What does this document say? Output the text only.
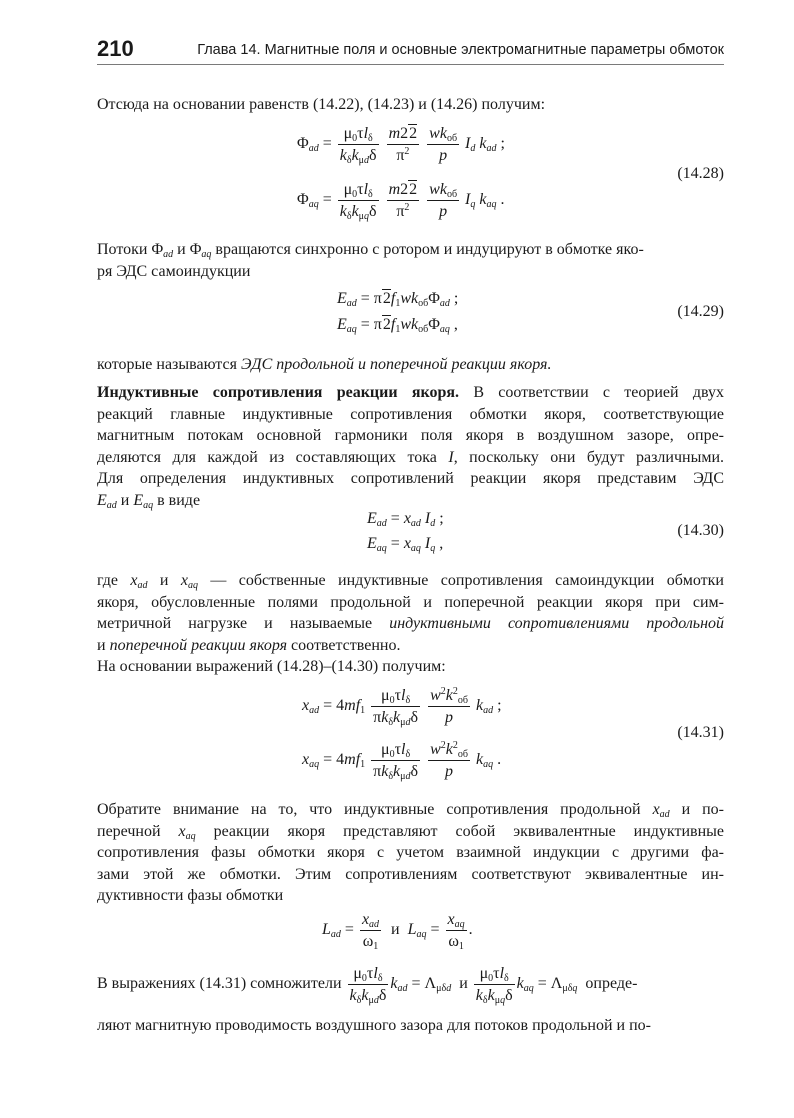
210	Глава 14. Магнитные поля и основные электромагнитные параметры обмоток
Отсюда на основании равенств (14.22), (14.23) и (14.26) получим:
$\Phi_{ad} = \frac{\mu_0\tau l_\delta}{k_\delta k_{\mu d}\delta}$
$\frac{m22}{\pi^2}$
$\frac{wk_{об}}{p} I_d$ $k_{ad}$ ;
$\Phi_{aq} = \frac{\mu_0\tau l_\delta}{k_\delta k_{\mu q}\delta}$
$\frac{m22}{\pi^2}$
$\frac{wk_{об}}{p} I_q$ $k_{aq}$ .
(14.28)
Потоки $\Phi_{ad}$ и $\Phi_{aq}$ вращаются синхронно с ротором и индуцируют в обмотке яко-
ря ЭДС самоиндукции
$E_{ad} = \pi 2f_1wk_{об}\Phi_{ad}$ ;
$E_{aq} = \pi 2f_1wk_{об}\Phi_{aq}$ ,
(14.29)
которые называются ЭДС продольной и поперечной реакции якоря.
Индуктивные сопротивления реакции якоря. В соответствии с теорией двух
реакций главные индуктивные сопротивления обмотки якоря, соответствующие
магнитным потокам основной гармоники поля якоря в воздушном зазоре, опре-
деляются для каждой из составляющих тока I, поскольку они будут различными.
Для определения индуктивных сопротивлений реакции якоря представим ЭДС
$E_{ad}$ и $E_{aq}$ в виде
$E_{ad} = x_{ad}$ $I_d$ ;
$E_{aq} = x_{aq}$ $I_q$ ,
(14.30)
где $x_{ad}$ и $x_{aq}$ — собственные индуктивные сопротивления самоиндукции обмотки
якоря, обусловленные полями продольной и поперечной реакции якоря при сим-
метричной нагрузке и называемые индуктивными сопротивлениями продольной
и поперечной реакции якоря соответственно.
На основании выражений (14.28)–(14.30) получим:
$x_{ad} = 4mf_1 \frac{\mu_0\tau l_\delta}{\pi k_\delta k_{\mu d}\delta}$
$\frac{w^2k^2_{об}}{p} k_{ad}$ ;
$x_{aq} = 4mf_1 \frac{\mu_0\tau l_\delta}{\pi k_\delta k_{\mu d}\delta}$
$\frac{w^2k^2_{об}}{p} k_{aq}$ .
(14.31)
Обратите внимание на то, что индуктивные сопротивления продольной $x_{ad}$ и по-
перечной $x_{aq}$ реакции якоря представляют собой эквивалентные индуктивные
сопротивления фазы обмотки якоря с учетом взаимной индукции с другими фа-
зами этой же обмотки. Этим сопротивлениям соответствуют эквивалентные ин-
дуктивности фазы обмотки
$L_{ad} = \frac{x_{ad}}{\omega_1}$ и $L_{aq} = \frac{x_{aq}}{\omega_1}$ .
В выражениях (14.31) сомножители $\frac{\mu_0\tau l_\delta}{k_\delta k_{\mu d}\delta} k_{ad} = \Lambda_{\mu\delta d}$ и $\frac{\mu_0\tau l_\delta}{k_\delta k_{\mu q}\delta} k_{aq} = \Lambda_{\mu\delta q}$ опреде-
ляют магнитную проводимость воздушного зазора для потоков продольной и по-
